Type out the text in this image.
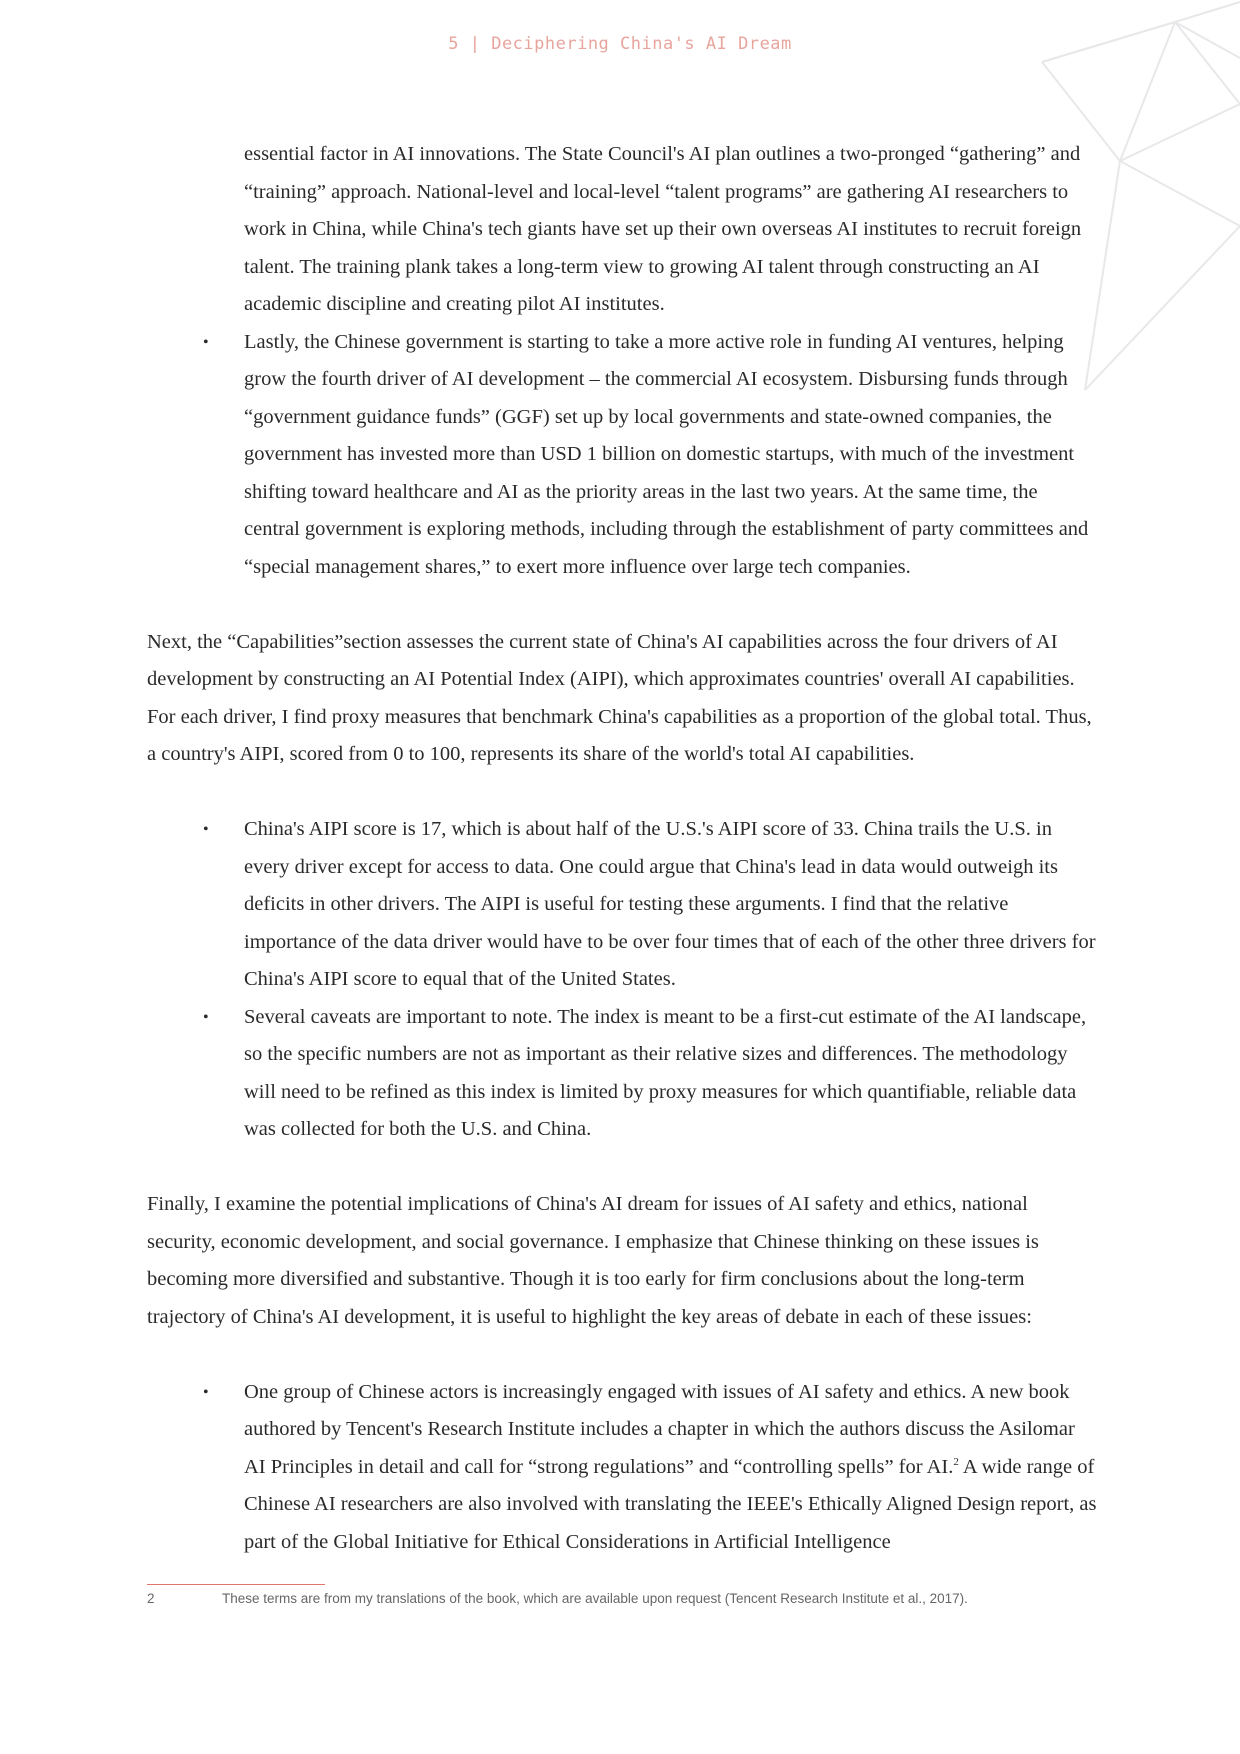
5 | Deciphering China's AI Dream
essential factor in AI innovations. The State Council's AI plan outlines a two-pronged “gathering” and “training” approach. National-level and local-level “talent programs” are gathering AI researchers to work in China, while China's tech giants have set up their own overseas AI institutes to recruit foreign talent. The training plank takes a long-term view to growing AI talent through constructing an AI academic discipline and creating pilot AI institutes.
• Lastly, the Chinese government is starting to take a more active role in funding AI ventures, helping grow the fourth driver of AI development – the commercial AI ecosystem. Disbursing funds through “government guidance funds” (GGF) set up by local governments and state-owned companies, the government has invested more than USD 1 billion on domestic startups, with much of the investment shifting toward healthcare and AI as the priority areas in the last two years. At the same time, the central government is exploring methods, including through the establishment of party committees and “special management shares,” to exert more influence over large tech companies.

Next, the “Capabilities”section assesses the current state of China's AI capabilities across the four drivers of AI development by constructing an AI Potential Index (AIPI), which approximates countries' overall AI capabilities. For each driver, I find proxy measures that benchmark China's capabilities as a proportion of the global total. Thus, a country's AIPI, scored from 0 to 100, represents its share of the world's total AI capabilities.

• China's AIPI score is 17, which is about half of the U.S.'s AIPI score of 33. China trails the U.S. in every driver except for access to data. One could argue that China's lead in data would outweigh its deficits in other drivers. The AIPI is useful for testing these arguments. I find that the relative importance of the data driver would have to be over four times that of each of the other three drivers for China's AIPI score to equal that of the United States.
• Several caveats are important to note. The index is meant to be a first-cut estimate of the AI landscape, so the specific numbers are not as important as their relative sizes and differences. The methodology will need to be refined as this index is limited by proxy measures for which quantifiable, reliable data was collected for both the U.S. and China.

Finally, I examine the potential implications of China's AI dream for issues of AI safety and ethics, national security, economic development, and social governance. I emphasize that Chinese thinking on these issues is becoming more diversified and substantive. Though it is too early for firm conclusions about the long-term trajectory of China's AI development, it is useful to highlight the key areas of debate in each of these issues:

• One group of Chinese actors is increasingly engaged with issues of AI safety and ethics. A new book authored by Tencent's Research Institute includes a chapter in which the authors discuss the Asilomar AI Principles in detail and call for “strong regulations” and “controlling spells” for AI.$^2$ A wide range of Chinese AI researchers are also involved with translating the IEEE's Ethically Aligned Design report, as part of the Global Initiative for Ethical Considerations in Artificial Intelligence
2	These terms are from my translations of the book, which are available upon request (Tencent Research Institute et al., 2017).
